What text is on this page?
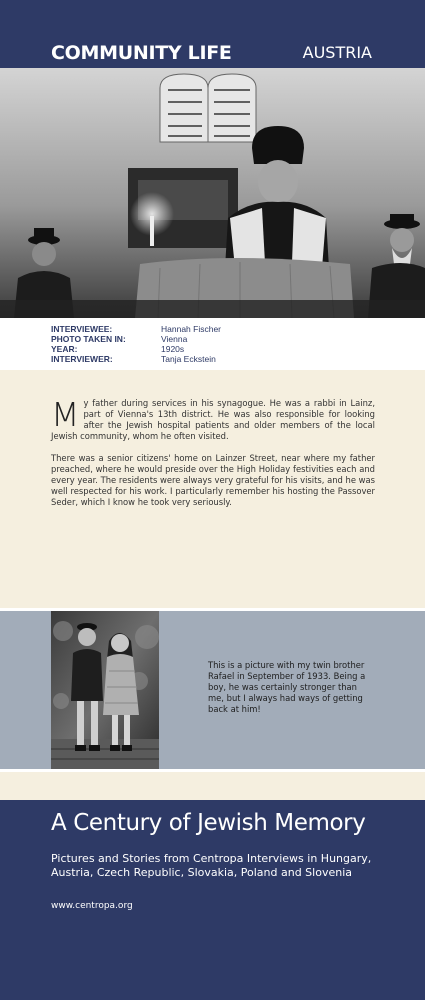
COMMUNITY LIFE	AUSTRIA
INTERVIEWEE:	Hannah Fischer
PHOTO TAKEN IN:	Vienna
YEAR:	1920s
INTERVIEWER:	Tanja Eckstein

My father during services in his synagogue. He was a rabbi in Lainz, part of Vienna's 13th district. He was also responsible for looking after the Jewish hospital patients and older members of the local Jewish community, whom he often visited.

There was a senior citizens' home on Lainzer Street, near where my father preached, where he would preside over the High Holiday festivities each and every year. The residents were always very grateful for his visits, and he was well respected for his work. I particularly remember his hosting the Passover Seder, which I know he took very seriously.

This is a picture with my twin brother Rafael in September of 1933. Being a boy, he was certainly stronger than me, but I always had ways of getting back at him!
A Century of Jewish Memory
Pictures and Stories from Centropa Interviews in Hungary, Austria, Czech Republic, Slovakia, Poland and Slovenia
www.centropa.org
